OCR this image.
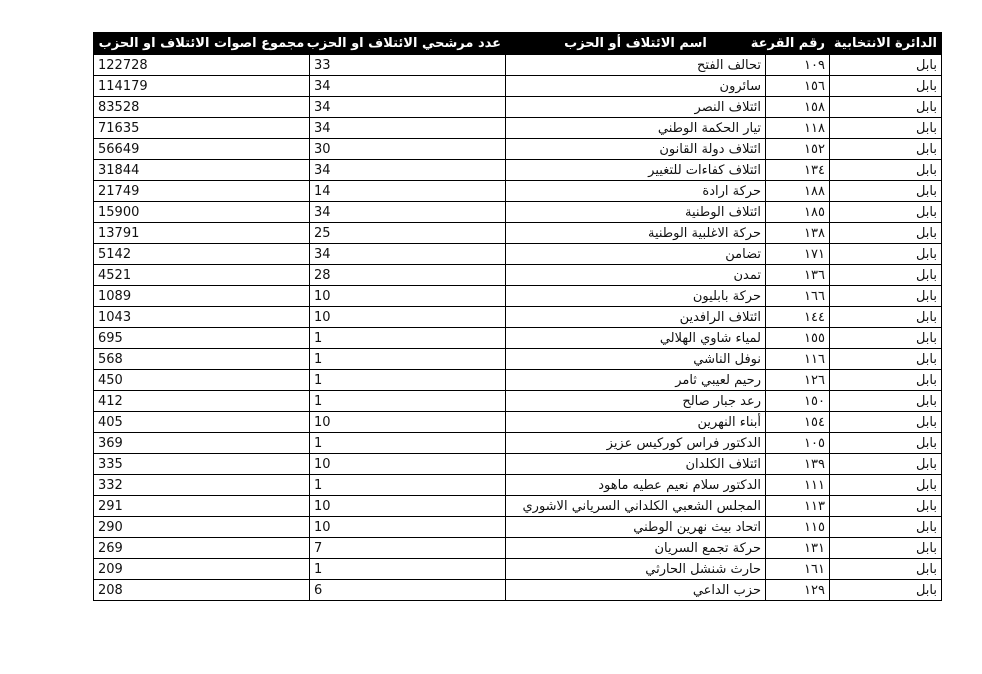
الدائرة الانتخابية	رقم القرعة	اسم الائتلاف أو الحزب	عدد مرشحي الائتلاف او الحزب	مجموع اصوات الائتلاف او الحزب
بابل	١٠٩	تحالف الفتح	33	122728
بابل	١٥٦	سائرون	34	114179
بابل	١٥٨	ائتلاف النصر	34	83528
بابل	١١٨	تيار الحكمة الوطني	34	71635
بابل	١٥٢	ائتلاف دولة القانون	30	56649
بابل	١٣٤	ائتلاف كفاءات للتغيير	34	31844
بابل	١٨٨	حركة ارادة	14	21749
بابل	١٨٥	ائتلاف الوطنية	34	15900
بابل	١٣٨	حركة الاغلبية الوطنية	25	13791
بابل	١٧١	تضامن	34	5142
بابل	١٣٦	تمدن	28	4521
بابل	١٦٦	حركة بابليون	10	1089
بابل	١٤٤	ائتلاف الرافدين	10	1043
بابل	١٥٥	لمياء شاوي الهلالي	1	695
بابل	١١٦	نوفل الناشي	1	568
بابل	١٢٦	رحيم لعيبي ثامر	1	450
بابل	١٥٠	رعد جبار صالح	1	412
بابل	١٥٤	أبناء النهرين	10	405
بابل	١٠٥	الدكتور فراس كوركيس عزيز	1	369
بابل	١٣٩	ائتلاف الكلدان	10	335
بابل	١١١	الدكتور سلام نعيم عطيه ماهود	1	332
بابل	١١٣	المجلس الشعبي الكلداني السرياني الاشوري	10	291
بابل	١١٥	اتحاد بيث نهرين الوطني	10	290
بابل	١٣١	حركة تجمع السريان	7	269
بابل	١٦١	حارث شنشل الحارثي	1	209
بابل	١٢٩	حزب الداعي	6	208
